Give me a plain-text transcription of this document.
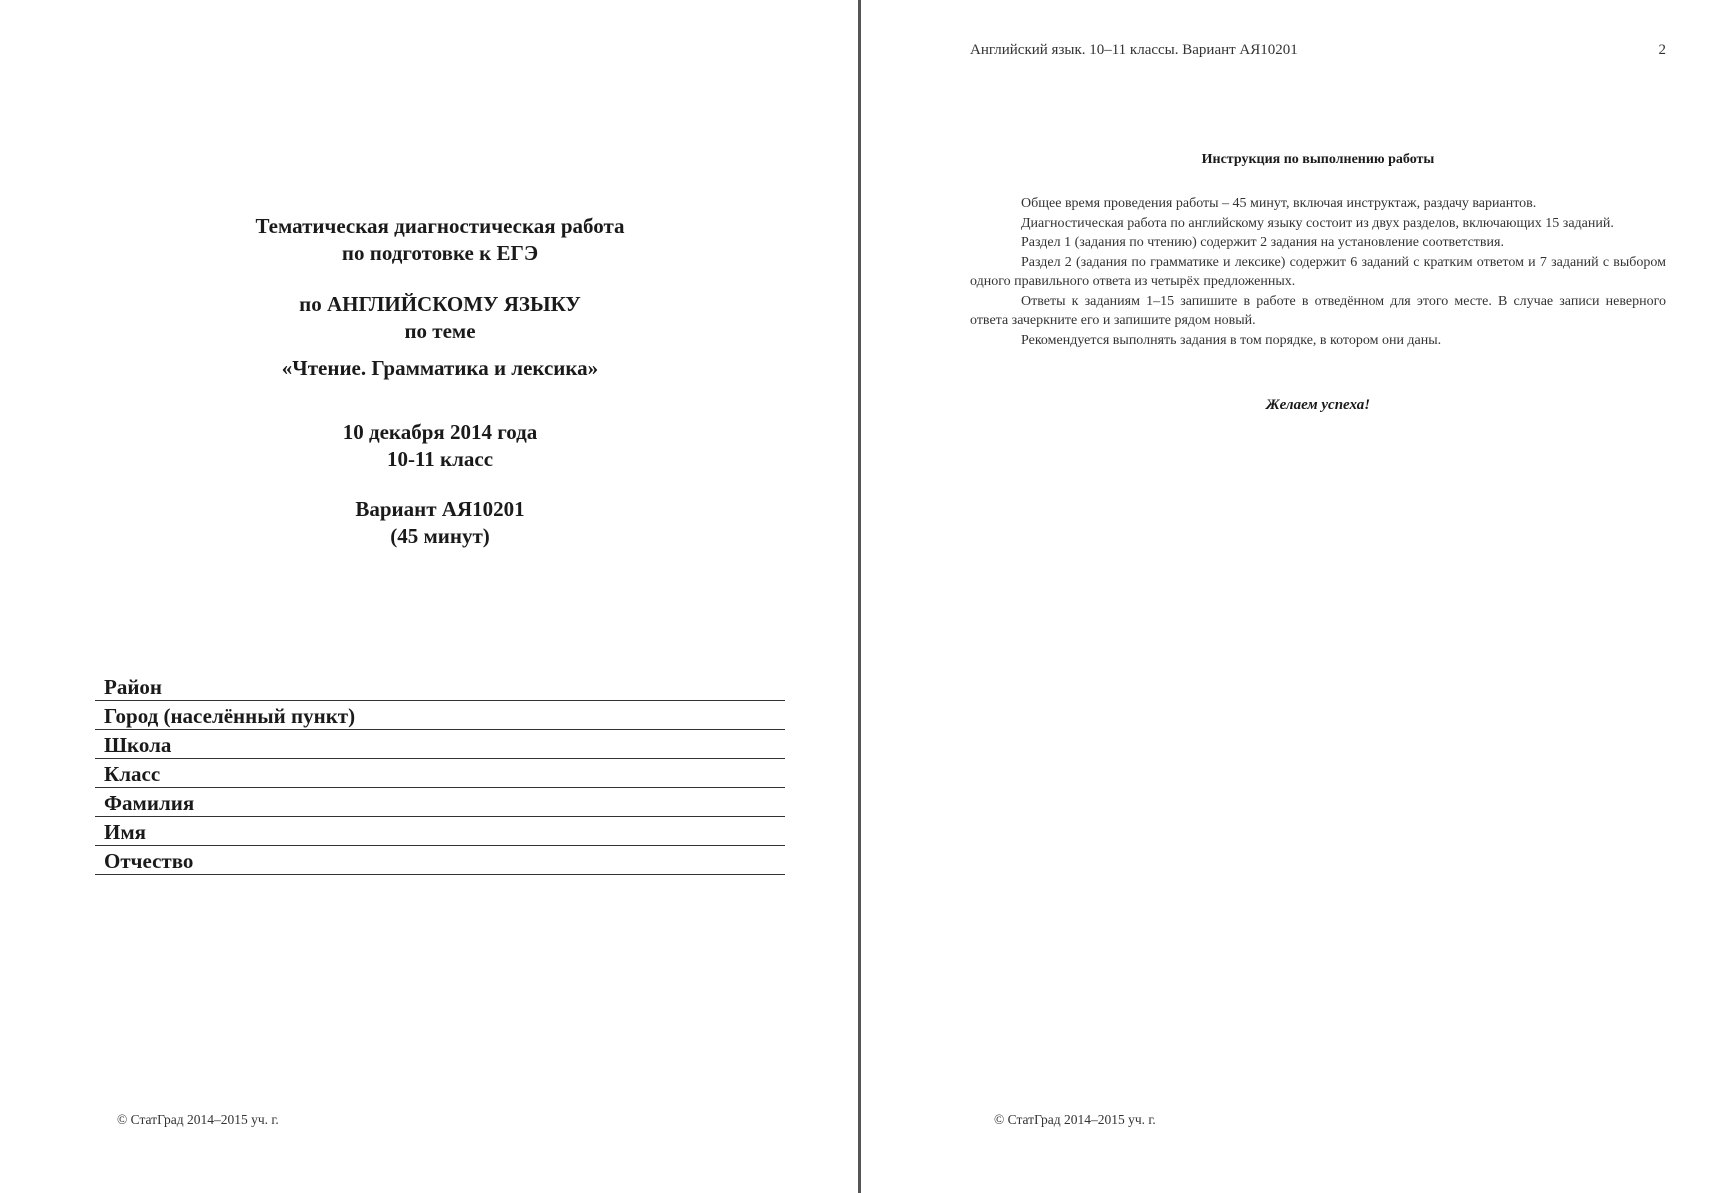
Тематическая диагностическая работа
по подготовке к ЕГЭ
по АНГЛИЙСКОМУ ЯЗЫКУ
по теме
«Чтение. Грамматика и лексика»
10 декабря 2014 года
10-11 класс
Вариант АЯ10201
(45 минут)
Район
Город (населённый пункт)
Школа
Класс
Фамилия
Имя
Отчество
© СтатГрад 2014–2015 уч. г.
Английский язык. 10–11 классы. Вариант АЯ10201	2
Инструкция по выполнению работы

Общее время проведения работы – 45 минут, включая инструктаж, раздачу вариантов.

Диагностическая работа по английскому языку состоит из двух разделов, включающих 15 заданий.

Раздел 1 (задания по чтению) содержит 2 задания на установление соответствия.

Раздел 2 (задания по грамматике и лексике) содержит 6 заданий с кратким ответом и 7 заданий с выбором одного правильного ответа из четырёх предложенных.

Ответы к заданиям 1–15 запишите в работе в отведённом для этого месте. В случае записи неверного ответа зачеркните его и запишите рядом новый.

Рекомендуется выполнять задания в том порядке, в котором они даны.

Желаем успеха!
© СтатГрад 2014–2015 уч. г.
